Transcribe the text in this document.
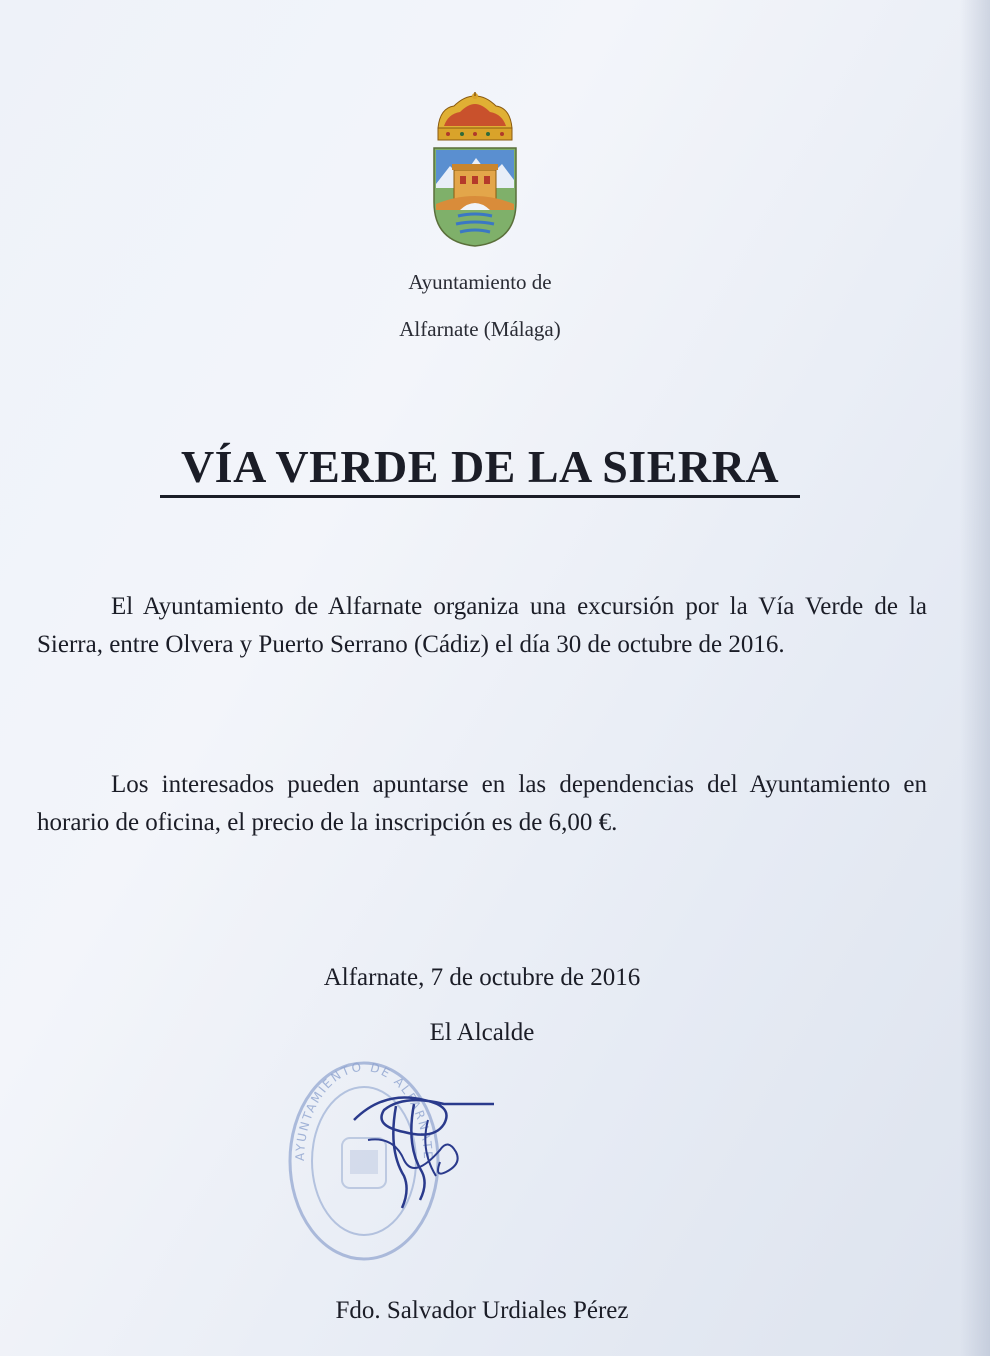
Ayuntamiento de
Alfarnate (Málaga)
VÍA VERDE DE LA SIERRA
El Ayuntamiento de Alfarnate organiza una excursión por la Vía Verde de la Sierra, entre Olvera y Puerto Serrano (Cádiz) el día 30 de octubre de 2016.
Los interesados pueden apuntarse en las dependencias del Ayuntamiento en horario de oficina, el precio de la inscripción es de 6,00 €.
Alfarnate, 7 de octubre de 2016
El Alcalde
AYUNTAMIENTO DE ALFARNATE
Fdo. Salvador Urdiales Pérez
